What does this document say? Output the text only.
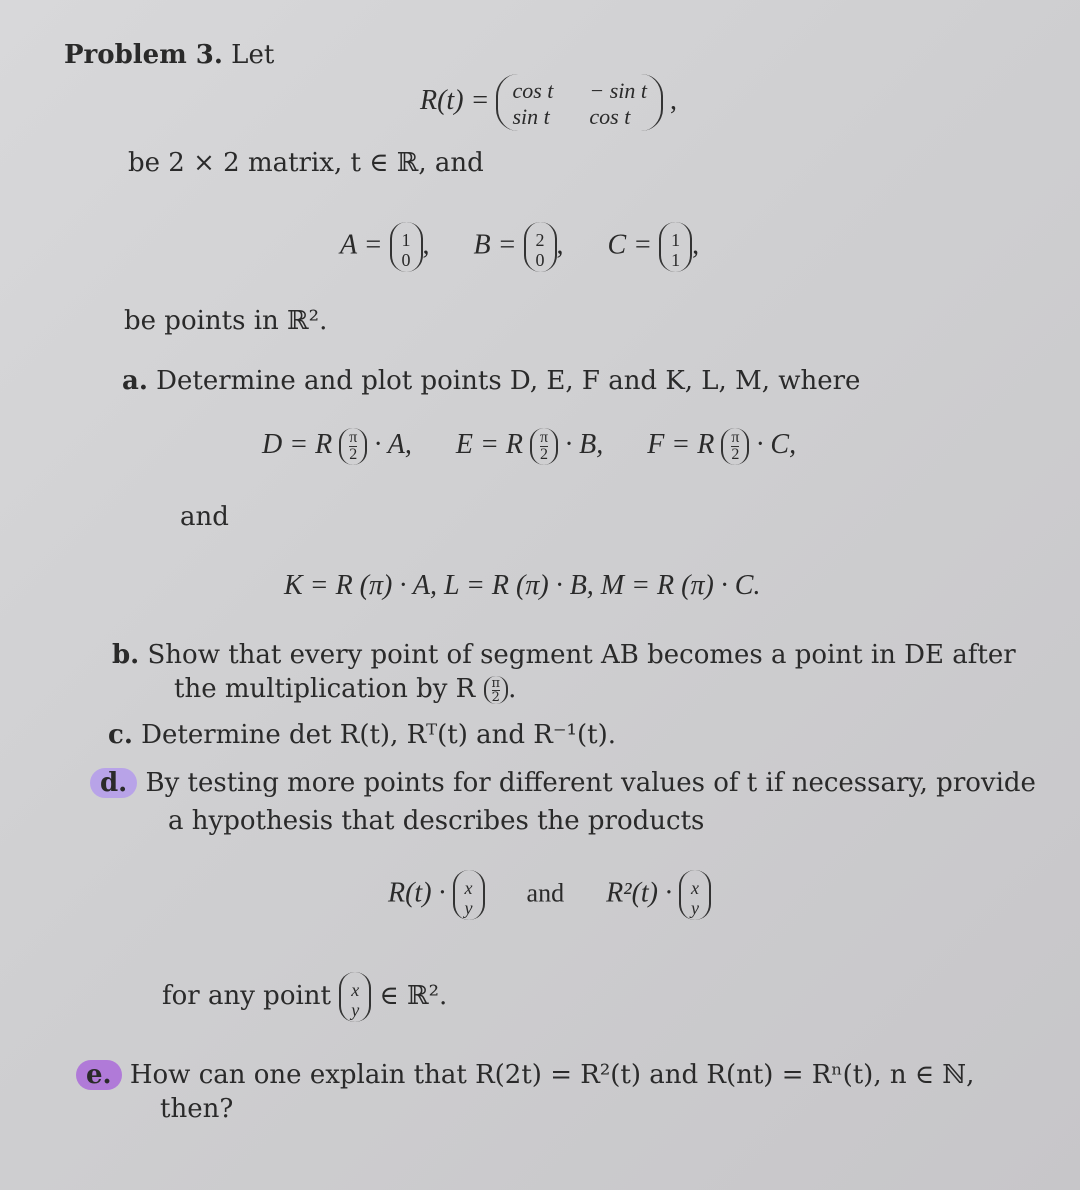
Problem 3. Let
R(t) = cos t − sin t
sin t cos t
,
be 2 × 2 matrix, t ∈ ℝ, and
A = 1
0 , B = 2
0 , C = 1
1 ,
be points in ℝ².
a. Determine and plot points D, E, F and K, L, M, where
D = R $\frac{\pi}{2} \cdot A$, E = R $\frac{\pi}{2} \cdot B$, F = R $\frac{\pi}{2} \cdot C$,
and
K = R (π) · A, L = R (π) · B, M = R (π) · C.
b. Show that every point of segment AB becomes a point in DE after
the multiplication by R $\frac{\pi}{2}$ .
c. Determine det R(t), Rᵀ(t) and R⁻¹(t).
d. By testing more points for different values of t if necessary, provide
a hypothesis that describes the products
R(t) · x
y
and R²(t) · x
y
for any point x
y ∈ ℝ².
e. How can one explain that R(2t) = R²(t) and R(nt) = Rⁿ(t), n ∈ ℕ,
then?
